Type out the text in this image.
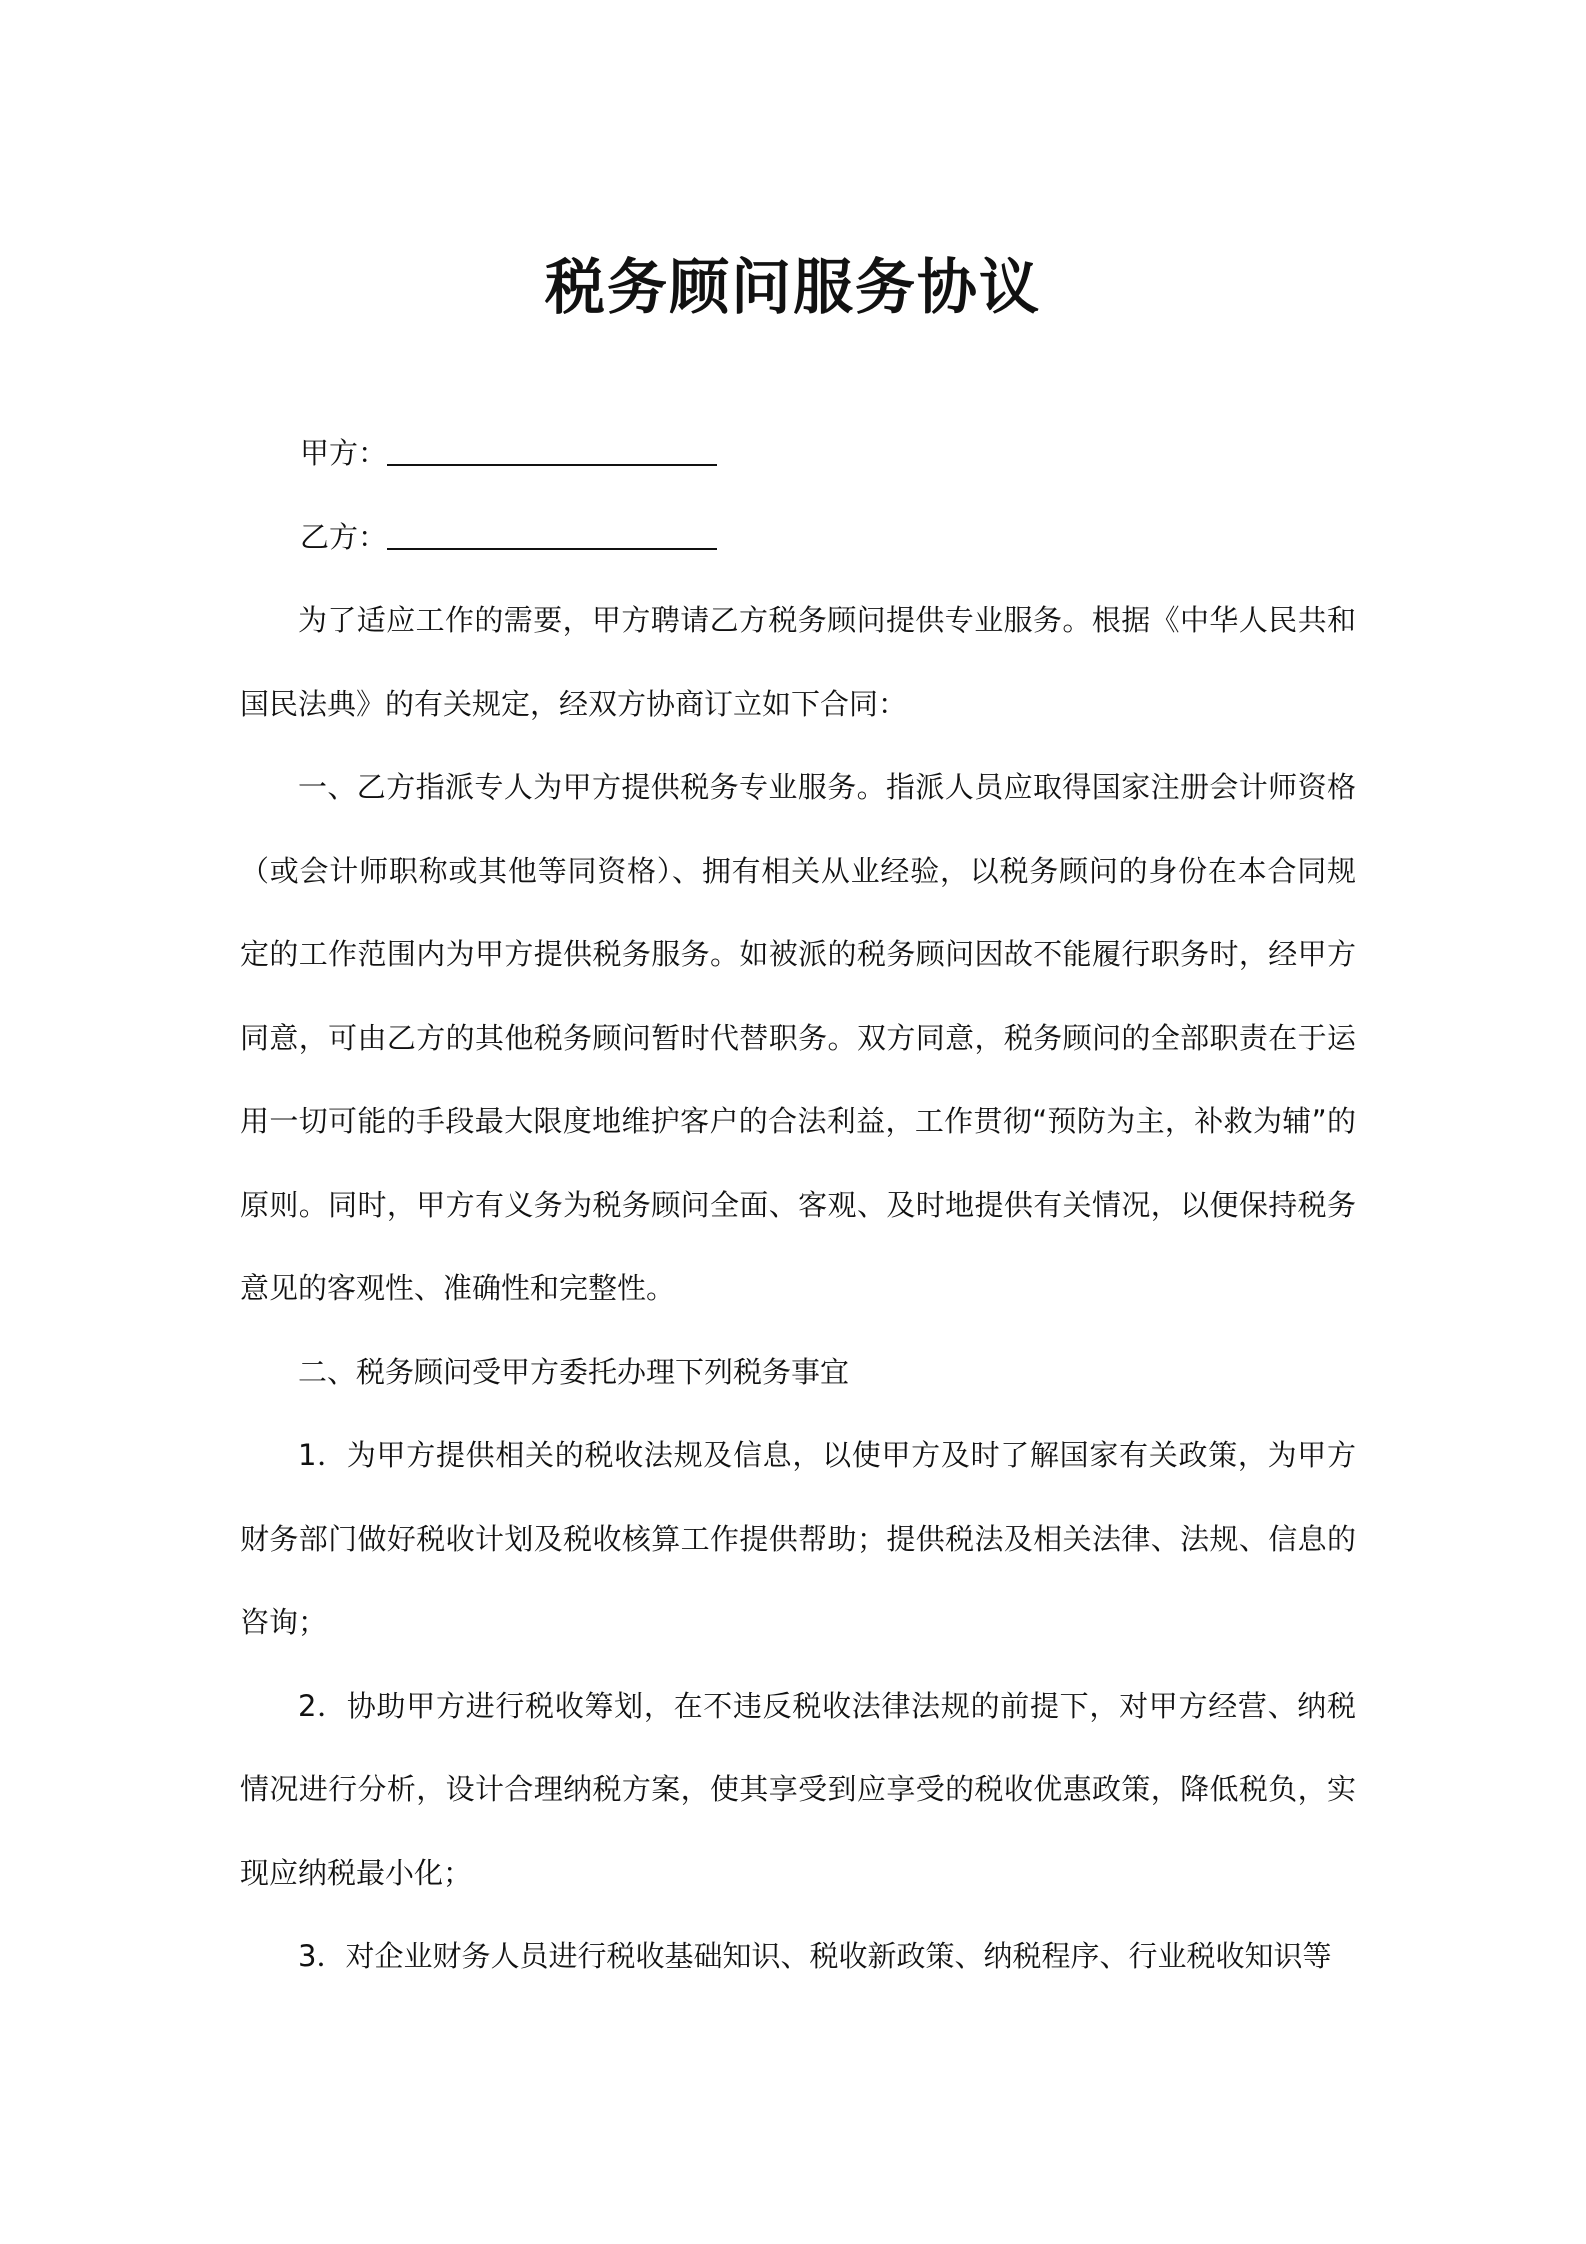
税务顾问服务协议

甲方：

乙方：

为了适应工作的需要，甲方聘请乙方税务顾问提供专业服务。根据《中华人民共和国民法典》的有关规定，经双方协商订立如下合同：

一、乙方指派专人为甲方提供税务专业服务。指派人员应取得国家注册会计师资格（或会计师职称或其他等同资格）、拥有相关从业经验，以税务顾问的身份在本合同规定的工作范围内为甲方提供税务服务。如被派的税务顾问因故不能履行职务时，经甲方同意，可由乙方的其他税务顾问暂时代替职务。双方同意，税务顾问的全部职责在于运用一切可能的手段最大限度地维护客户的合法利益，工作贯彻“预防为主，补救为辅”的原则。同时，甲方有义务为税务顾问全面、客观、及时地提供有关情况，以便保持税务意见的客观性、准确性和完整性。

二、税务顾问受甲方委托办理下列税务事宜

1．为甲方提供相关的税收法规及信息，以使甲方及时了解国家有关政策，为甲方财务部门做好税收计划及税收核算工作提供帮助；提供税法及相关法律、法规、信息的咨询；

2．协助甲方进行税收筹划，在不违反税收法律法规的前提下，对甲方经营、纳税情况进行分析，设计合理纳税方案，使其享受到应享受的税收优惠政策，降低税负，实现应纳税最小化；

3．对企业财务人员进行税收基础知识、税收新政策、纳税程序、行业税收知识等
